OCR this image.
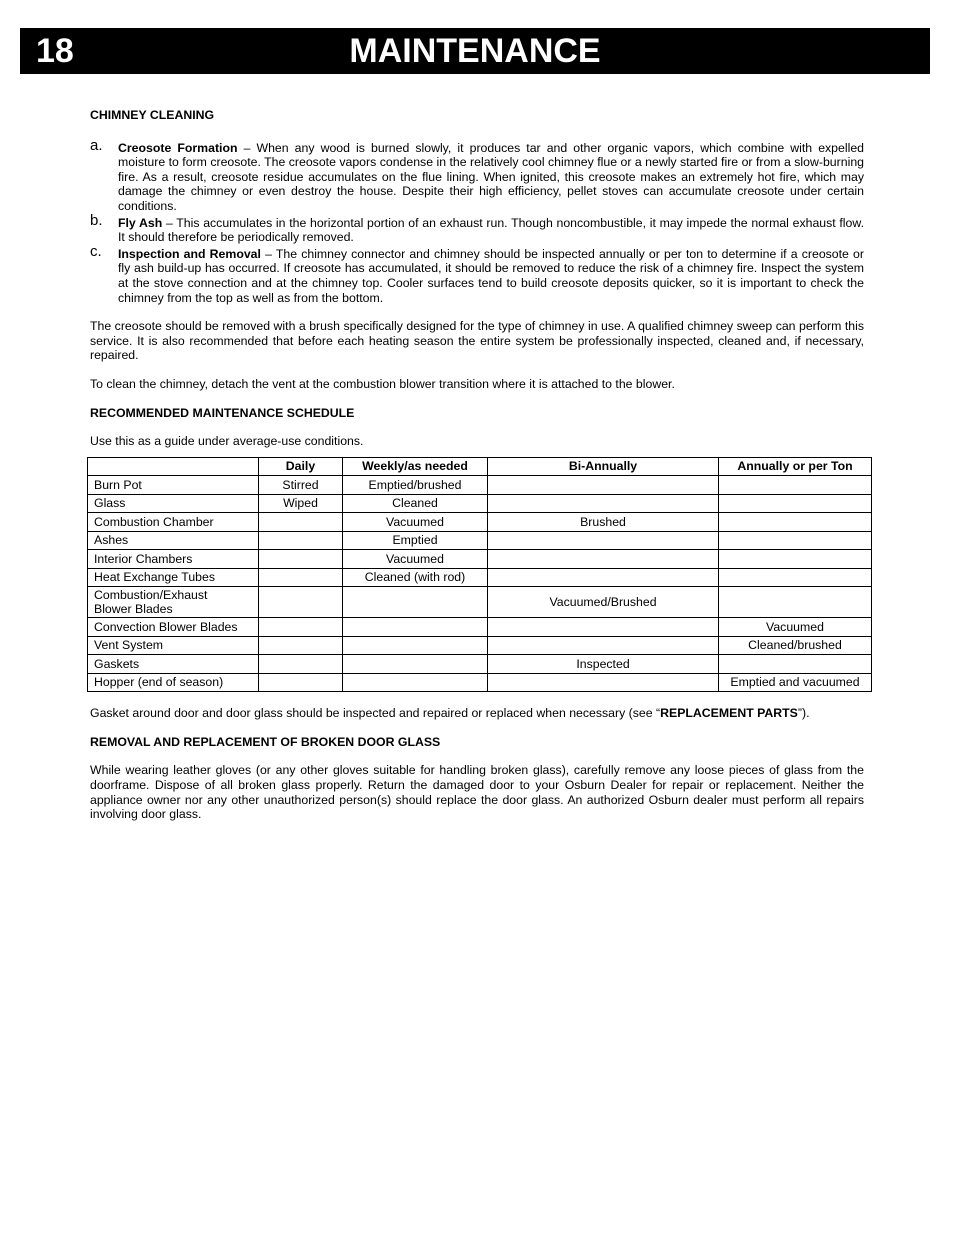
18	MAINTENANCE

CHIMNEY CLEANING

a. Creosote Formation – When any wood is burned slowly, it produces tar and other organic vapors, which combine with expelled moisture to form creosote. The creosote vapors condense in the relatively cool chimney flue or a newly started fire or from a slow-burning fire. As a result, creosote residue accumulates on the flue lining. When ignited, this creosote makes an extremely hot fire, which may damage the chimney or even destroy the house. Despite their high efficiency, pellet stoves can accumulate creosote under certain conditions.
b. Fly Ash – This accumulates in the horizontal portion of an exhaust run. Though noncombustible, it may impede the normal exhaust flow. It should therefore be periodically removed.
c. Inspection and Removal – The chimney connector and chimney should be inspected annually or per ton to determine if a creosote or fly ash build-up has occurred. If creosote has accumulated, it should be removed to reduce the risk of a chimney fire. Inspect the system at the stove connection and at the chimney top. Cooler surfaces tend to build creosote deposits quicker, so it is important to check the chimney from the top as well as from the bottom.

The creosote should be removed with a brush specifically designed for the type of chimney in use. A qualified chimney sweep can perform this service. It is also recommended that before each heating season the entire system be professionally inspected, cleaned and, if necessary, repaired.

To clean the chimney, detach the vent at the combustion blower transition where it is attached to the blower.

RECOMMENDED MAINTENANCE SCHEDULE

Use this as a guide under average-use conditions.

	Daily	Weekly/as needed	Bi-Annually	Annually or per Ton
Burn Pot	Stirred	Emptied/brushed		
Glass	Wiped	Cleaned		
Combustion Chamber		Vacuumed	Brushed	
Ashes		Emptied		
Interior Chambers		Vacuumed		
Heat Exchange Tubes		Cleaned (with rod)		
Combustion/Exhaust
Blower Blades			Vacuumed/Brushed	
Convection Blower Blades				Vacuumed
Vent System				Cleaned/brushed
Gaskets			Inspected	
Hopper (end of season)				Emptied and vacuumed

Gasket around door and door glass should be inspected and repaired or replaced when necessary (see “REPLACEMENT PARTS”).

REMOVAL AND REPLACEMENT OF BROKEN DOOR GLASS

While wearing leather gloves (or any other gloves suitable for handling broken glass), carefully remove any loose pieces of glass from the doorframe. Dispose of all broken glass properly. Return the damaged door to your Osburn Dealer for repair or replacement. Neither the appliance owner nor any other unauthorized person(s) should replace the door glass. An authorized Osburn dealer must perform all repairs involving door glass.
